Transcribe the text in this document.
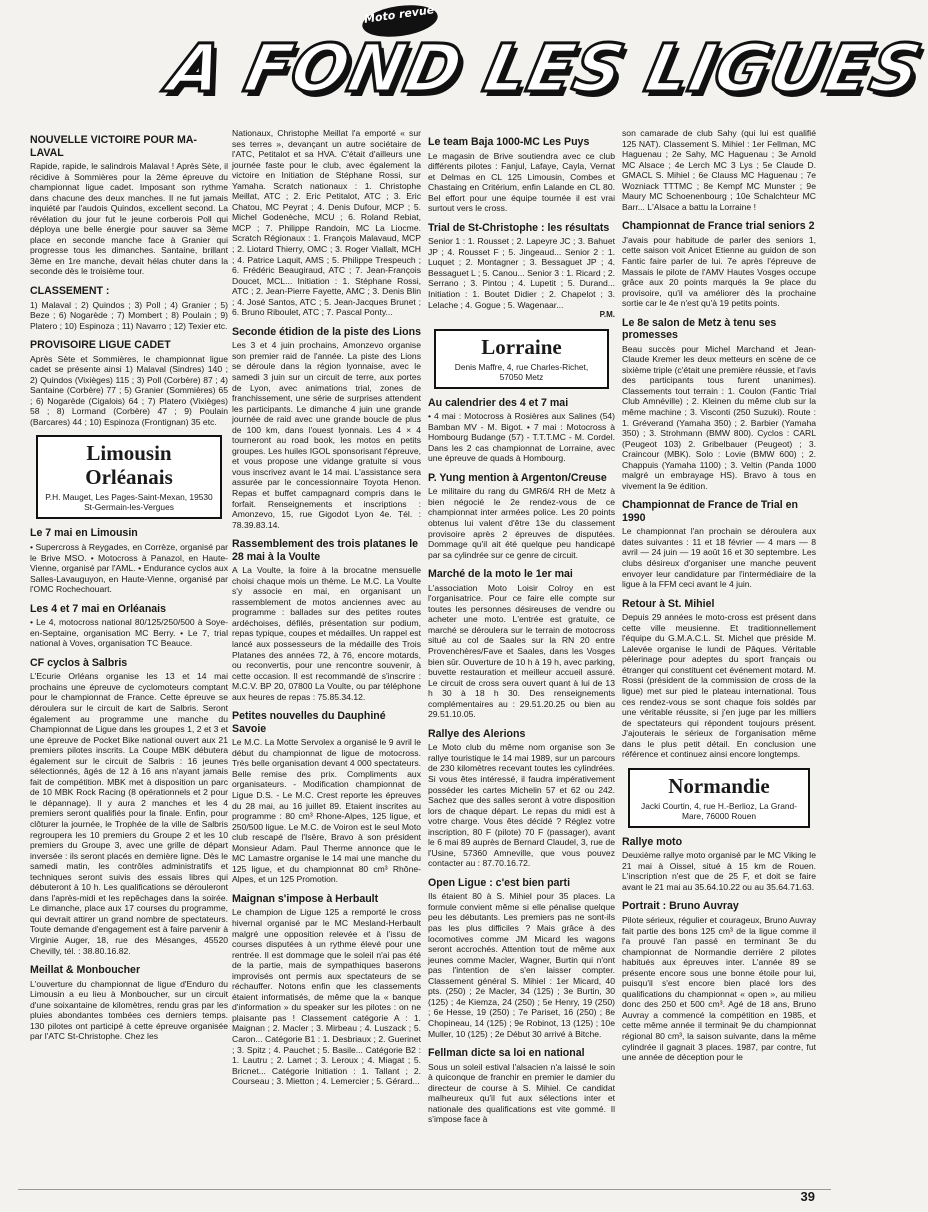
Moto revue
A FOND LES LIGUES
NOUVELLE VICTOIRE POUR MA-LAVAL

Rapide, rapide, le salindrois Malaval ! Après Sète, il récidive à Sommières pour la 2ème épreuve du championnat ligue cadet. Imposant son rythme dans chacune des deux manches. Il ne fut jamais inquiété par l'audois Quindos, excellent second. La révélation du jour fut le jeune corberois Poll qui déploya une belle énergie pour sauver sa 3ème place en seconde manche face à Granier qui progresse tous les dimanches. Santaine, brillant 3ème en 1re manche, devait hélas chuter dans la seconde dès le troisième tour.

CLASSEMENT :

1) Malaval ; 2) Quindos ; 3) Poll ; 4) Granier ; 5) Beze ; 6) Nogarède ; 7) Mombert ; 8) Poulain ; 9) Platero ; 10) Espinoza ; 11) Navarro ; 12) Texier etc.

PROVISOIRE LIGUE CADET

Après Sète et Sommières, le championnat ligue cadet se présente ainsi 1) Malaval (Sindres) 140 ; 2) Quindos (Vixièges) 115 ; 3) Poll (Corbère) 87 ; 4) Santaine (Corbère) 77 ; 5) Granier (Sommières) 65 ; 6) Nogarède (Cigalois) 64 ; 7) Platero (Vixièges) 58 ; 8) Lormand (Corbère) 47 ; 9) Poulain (Barcares) 44 ; 10) Espinoza (Frontignan) 35 etc.

Limousin Orléanais
P.H. Mauget, Les Pages-Saint-Mexan, 19530 St-Germain-les-Vergues
Le 7 mai en Limousin

• Supercross à Reygades, en Corrèze, organisé par le Brive MSO. • Motocross à Panazol, en Haute-Vienne, organisé par l'AML. • Endurance cyclos aux Salles-Lavauguyon, en Haute-Vienne, organisé par l'OMC Rochechouart.

Les 4 et 7 mai en Orléanais

• Le 4, motocross national 80/125/250/500 à Soye-en-Septaine, organisation MC Berry. • Le 7, trial national à Voves, organisation TC Beauce.

CF cyclos à Salbris

L'Ecurie Orléans organise les 13 et 14 mai prochains une épreuve de cyclomoteurs comptant pour le championnat de France. Cette épreuve se déroulera sur le circuit de kart de Salbris. Seront également au programme une manche du Championnat de Ligue dans les groupes 1, 2 et 3 et une épreuve de Pocket Bike national ouvert aux 21 premiers pilotes inscrits. La Coupe MBK débutera également sur le circuit de Salbris : 16 jeunes sélectionnés, âgés de 12 à 16 ans n'ayant jamais fait de compétition. MBK met à disposition un parc de 10 MBK Rock Racing (8 opérationnels et 2 pour le dépannage). Il y aura 2 manches et les 4 premiers seront qualifiés pour la finale. Enfin, pour clôturer la journée, le Trophée de la ville de Salbris regroupera les 10 premiers du Groupe 2 et les 10 premiers du Groupe 3, avec une grille de départ inversée : ils seront placés en dernière ligne. Dès le samedi matin, les contrôles administratifs et techniques seront suivis des essais libres qui débuteront à 10 h. Les qualifications se dérouleront dans l'après-midi et les repêchages dans la soirée. Le dimanche, place aux 17 courses du programme, qui devrait attirer un grand nombre de spectateurs. Toute demande d'engagement est à faire parvenir à Virginie Auger, 18, rue des Mésanges, 45520 Chevilly, tél. : 38.80.16.82.

Meillat & Monboucher

L'ouverture du championnat de ligue d'Enduro du Limousin a eu lieu à Monboucher, sur un circuit d'une soixantaine de kilomètres, rendu gras par les pluies abondantes tombées ces derniers temps. 130 pilotes ont participé à cette épreuve organisée par l'ATC St-Christophe. Chez les

Nationaux, Christophe Meillat l'a emporté « sur ses terres », devançant un autre sociétaire de l'ATC, Petitalot et sa HVA. C'était d'ailleurs une journée faste pour le club, avec également la victoire en Initiation de Stéphane Rossi, sur Yamaha. Scratch nationaux : 1. Christophe Meillat, ATC ; 2. Eric Petitalot, ATC ; 3. Eric Chatou, MC Peyrat ; 4. Denis Dufour, MCP ; 5. Michel Godenèche, MCU ; 6. Roland Rebiat, MCP ; 7. Philippe Randoin, MC La Liocme. Scratch Régionaux : 1. François Malavaud, MCP ; 2. Liotard Thierry, OMC ; 3. Roger Viallalt, MCH ; 4. Patrice Laquit, AMS ; 5. Philippe Trespeuch ; 6. Frédéric Beaugiraud, ATC ; 7. Jean-François Doucet, MCL... Initiation : 1. Stéphane Rossi, ATC ; 2. Jean-Pierre Fayette, AMC ; 3. Denis Blin ; 4. José Santos, ATC ; 5. Jean-Jacques Brunet ; 6. Bruno Riboulet, ATC ; 7. Pascal Ponty...

Seconde étidion de la piste des Lions

Les 3 et 4 juin prochains, Amonzevo organise son premier raid de l'année. La piste des Lions se déroule dans la région lyonnaise, avec le samedi 3 juin sur un circuit de terre, aux portes de Lyon, avec animations trial, zones de franchissement, une série de surprises attendent les participants. Le dimanche 4 juin une grande journée de raid avec une grande boucle de plus de 100 km, dans l'ouest lyonnais. Les 4 × 4 tourneront au road book, les motos en petits groupes. Les huiles IGOL sponsorisant l'épreuve, et vous propose une vidange gratuite si vous vous inscrivez avant le 14 mai. L'assistance sera assurée par le concessionnaire Toyota Henon. Repas et buffet campagnard compris dans le forfait. Renseignements et inscriptions : Amonzevo, 15, rue Gigodot Lyon 4e. Tél. : 78.39.83.14.

Rassemblement des trois platanes le 28 mai à la Voulte

A La Voulte, la foire à la brocatne mensuelle choisi chaque mois un thème. Le M.C. La Voulte s'y associe en mai, en organisant un rassemblement de motos anciennes avec au programme : ballades sur des petites routes ardéchoises, défilés, présentation sur podium, repas typique, coupes et médailles. Un rappel est lancé aux possesseurs de la médaille des Trois Platanes des années 72, à 76, encore motards, ou reconvertis, pour une rencontre souvenir, à cette occasion. Il est recommandé de s'inscrire : M.C.V. BP 20, 07800 La Voulte, ou par téléphone aux heures de repas : 75.85.34.12.

Petites nouvelles du Dauphiné Savoie

Le M.C. La Motte Servolex a organisé le 9 avril le début du championnat de ligue de motocross. Très belle organisation devant 4 000 spectateurs. Belle remise des prix. Compliments aux organisateurs. - Modification championnat de Ligue D.S. - Le M.C. Crest reporte les épreuves du 28 mai, au 16 juillet 89. Etaient inscrites au programme : 80 cm³ Rhone-Alpes, 125 ligue, et 250/500 ligue. Le M.C. de Voiron est le seul Moto club rescapé de l'Isère, Bravo à son président Monsieur Adam. Paul Therme annonce que le MC Lamastre organise le 14 mai une manche du 125 ligue, et du championnat 80 cm³ Rhône-Alpes, et un 125 Promotion.

Maignan s'impose à Herbault

Le champion de Ligue 125 a remporté le cross hivernal organisé par le MC Mesland-Herbault malgré une opposition relevée et à l'issu de courses disputées à un rythme élevé pour une rentrée. Il est dommage que le soleil n'ai pas été de la partie, mais de sympathiques baserons improvisés ont permis aux spectateurs de se réchauffer. Notons enfin que les classements étaient informatisés, de même que la « banque d'information » du speaker sur les pilotes : on ne plaisante pas ! Classement catégorie A : 1. Maignan ; 2. Macler ; 3. Mirbeau ; 4. Luszack ; 5. Caron... Catégorie B1 : 1. Desbriaux ; 2. Guerinet ; 3. Spitz ; 4. Pauchet ; 5. Basile... Catégorie B2 : 1. Lautru ; 2. Lamet ; 3. Leroux ; 4. Miagat ; 5. Bricnet... Catégorie Initiation : 1. Tallant ; 2. Courseau ; 3. Mietton ; 4. Lemercier ; 5. Gérard...

Le team Baja 1000-MC Les Puys

Le magasin de Brive soutiendra avec ce club différents pilotes : Fanjul, Lafaye, Cayla, Vernat et Delmas en CL 125 Limousin, Combes et Chastaing en Critérium, enfin Lalande en CL 80. Bel effort pour une équipe tournée il est vrai surtout vers le cross.

Trial de St-Christophe : les résultats

Senior 1 : 1. Rousset ; 2. Lapeyre JC ; 3. Bahuet JP ; 4. Rousset F ; 5. Jingeaud... Senior 2 : 1. Luquet ; 2. Montagner ; 3. Bessaguet JP ; 4. Bessaguet L ; 5. Canou... Senior 3 : 1. Ricard ; 2. Serrano ; 3. Pintou ; 4. Lupetit ; 5. Durand... Initiation : 1. Boutet Didier ; 2. Chapelot ; 3. Lelache ; 4. Gogue ; 5. Wagenaar...

P.M.
Lorraine
Denis Maffre, 4, rue Charles-Richet, 57050 Metz
Au calendrier des 4 et 7 mai

• 4 mai : Motocross à Rosières aux Salines (54) Bamban MV - M. Bigot. • 7 mai : Motocross à Hombourg Budange (57) - T.T.T.MC - M. Cordel. Dans les 2 cas championnat de Lorraine, avec une épreuve de quads à Hombourg.

P. Yung mention à Argenton/Creuse

Le militaire du rang du GMR6/4 RH de Metz à bien négocié le 2e rendez-vous de ce championnat inter armées police. Les 20 points obtenus lui valent d'être 13e du classement provisoire après 2 épreuves de disputées. Dommage qu'il ait été quelque peu handicapé par sa cylindrée sur ce genre de circuit.

Marché de la moto le 1er mai

L'association Moto Loisir Colroy en est l'organisatrice. Pour ce faire elle compte sur toutes les personnes désireuses de vendre ou acheter une moto. L'entrée est gratuite, ce marché se déroulera sur le terrain de motocross situé au col de Saales sur la RN 20 entre Provenchères/Fave et Saales, dans les Vosges bien sûr. Ouverture de 10 h à 19 h, avec parking, buvette restauration et meilleur accueil assuré. Le circuit de cross sera ouvert quant à lui de 13 h 30 à 18 h 30. Des renseignements complémentaires au : 29.51.20.25 ou bien au 29.51.10.05.

Rallye des Alerions

Le Moto club du même nom organise son 3e rallye touristique le 14 mai 1989, sur un parcours de 230 kilomètres recevant toutes les cylindrées. Si vous êtes intéressé, il faudra impérativement posséder les cartes Michelin 57 et 62 ou 242. Sachez que des salles seront à votre disposition lors de chaque départ. Le repas du midi est à votre charge. Vous êtes décidé ? Réglez votre inscription, 80 F (pilote) 70 F (passager), avant le 6 mai 89 auprès de Bernard Claudel, 3, rue de l'Usine, 57360 Amneville, que vous pouvez contacter au : 87.70.16.72.

Open Ligue : c'est bien parti

Ils étaient 80 à S. Mihiel pour 35 places. La formule convient même si elle pénalise quelque peu les débutants. Les premiers pas ne sont-ils pas les plus difficiles ? Mais grâce à des locomotives comme JM Micard les wagons seront accrochés. Attention tout de même aux jeunes comme Macler, Wagner, Burtin qui n'ont pas l'intention de s'en laisser compter. Classement général S. Mihiel : 1er Micard, 40 pts. (250) ; 2e Macler, 34 (125) ; 3e Burtin, 30 (125) ; 4e Kiemza, 24 (250) ; 5e Henry, 19 (250) ; 6e Hesse, 19 (250) ; 7e Pariset, 16 (250) ; 8e Chopineau, 14 (125) ; 9e Robinot, 13 (125) ; 10e Muller, 10 (125) ; 2e Début 30 arrivé à Bitche.

Fellman dicte sa loi en national

Sous un soleil estival l'alsacien n'a laissé le soin à quiconque de franchir en premier le damier du directeur de course à S. Mihiel. Ce candidat malheureux qu'il fut aux sélections inter et nationale des qualifications est vite gommé. Il s'impose face à

son camarade de club Sahy (qui lui est qualifié 125 NAT). Classement S. Mihiel : 1er Fellman, MC Haguenau ; 2e Sahy, MC Haguenau ; 3e Arnold MC Alsace ; 4e Lerch MC 3 Lys ; 5e Claude D. GMACL S. Mihiel ; 6e Clauss MC Haguenau ; 7e Wozniack TTTMC ; 8e Kempf MC Munster ; 9e Maury MC Schoenenbourg ; 10e Schalchteur MC Barr... L'Alsace a battu la Lorraine !

Championnat de France trial seniors 2

J'avais pour habitude de parler des seniors 1, cette saison voit Anicet Etienne au guidon de son Fantic faire parler de lui. 7e après l'épreuve de Massais le pilote de l'AMV Hautes Vosges occupe grâce aux 20 points marqués la 9e place du provisoire, qu'il va améliorer dès la prochaine sortie car le 4e n'est qu'à 19 petits points.

Le 8e salon de Metz à tenu ses promesses

Beau succès pour Michel Marchand et Jean-Claude Kremer les deux metteurs en scène de ce sixième triple (c'était une première réussie, et l'avis des participants tous furent unanimes). Classements tout terrain : 1. Coulon (Fantic Trial Club Amnéville) ; 2. Kleinen du même club sur la même machine ; 3. Visconti (250 Suzuki). Route : 1. Gréverand (Yamaha 350) ; 2. Barbier (Yamaha 350) ; 3. Strohmann (BMW 800). Cyclos : CARL (Peugeot 103) 2. Gribelbauer (Peugeot) ; 3. Craincour (MBK). Solo : Lovie (BMW 600) ; 2. Chappuis (Yamaha 1100) ; 3. Veltin (Panda 1000 malgré un embrayage HS). Bravo à tous en vivement la 9e édition.

Championnat de France de Trial en 1990

Le championnat l'an prochain se déroulera aux dates suivantes : 11 et 18 février — 4 mars — 8 avril — 24 juin — 19 août 16 et 30 septembre. Les clubs désireux d'organiser une manche peuvent envoyer leur candidature par l'intermédiaire de la ligue à la FFM ceci avant le 4 juin.

Retour à St. Mihiel

Depuis 29 années le moto-cross est présent dans cette ville meusienne. Et traditionnellement l'équipe du G.M.A.C.L. St. Michel que préside M. Lalevée organise le lundi de Pâques. Véritable pèlerinage pour adeptes du sport français ou étranger qui constituent cet événement motard. M. Rossi (président de la commission de cross de la ligue) met sur pied le plateau international. Tous ces rendez-vous se sont chaque fois soldés par une véritable réussite, si j'en juge par les milliers de spectateurs qui répondent toujours présent. J'ajouterais le sérieux de l'organisation même dans le plus petit détail. En conclusion une référence et continuez ainsi encore longtemps.

Normandie
Jacki Courtin, 4, rue H.-Berlioz, La Grand-Mare, 76000 Rouen
Rallye moto

Deuxième rallye moto organisé par le MC Viking le 21 mai à Oissel, situé à 15 km de Rouen. L'inscription n'est que de 25 F, et doit se faire avant le 21 mai au 35.64.10.22 ou au 35.64.71.63.

Portrait : Bruno Auvray

Pilote sérieux, régulier et courageux, Bruno Auvray fait partie des bons 125 cm³ de la ligue comme il l'a prouvé l'an passé en terminant 3e du championnat de Normandie derrière 2 pilotes habitués aux épreuves inter. L'année 89 se présente encore sous une bonne étoile pour lui, puisqu'il s'est encore bien placé lors des qualifications du championnat « open », au milieu donc des 250 et 500 cm³. Agé de 18 ans, Bruno Auvray a commencé la compétition en 1985, et cette même année il terminait 9e du championnat régional 80 cm³, la saison suivante, dans la même cylindrée il gagnait 3 places. 1987, par contre, fut une année de déception pour le

39
